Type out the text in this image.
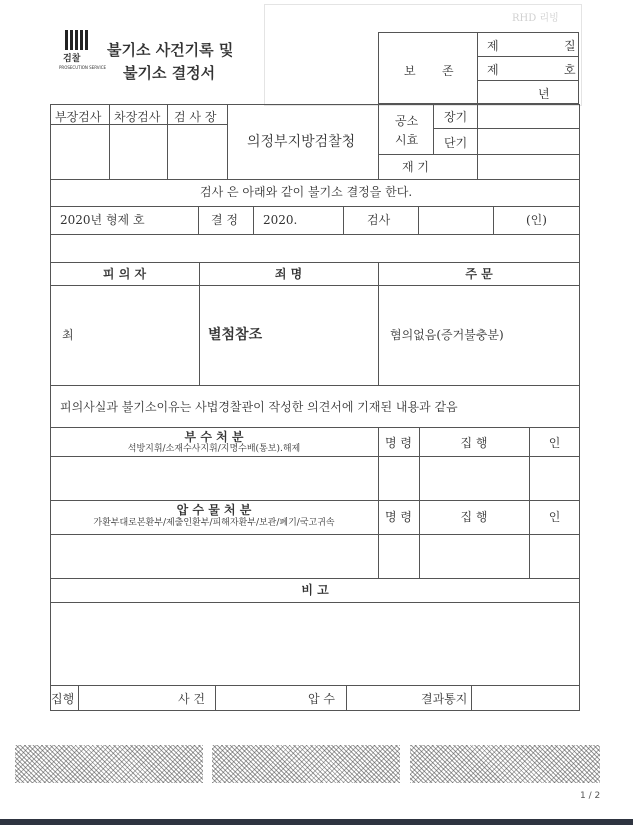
검찰
PROSECUTION SERVICE
불기소 사건기록 및
불기소 결정서
RHD 리빙
보 존
제	질
제	호
년
부장검사 차장검사 검 사 장
의정부지방검찰청
공소
시효
장기
단기
재 기
검사 은 아래와 같이 불기소 결정을 한다.
2020년 형제 호	결 정 2020.	검사	(인)
피 의 자	죄 명	주 문
최	별첨참조	혐의없음(증거불충분)
피의사실과 불기소이유는 사법경찰관이 작성한 의견서에 기재된 내용과 같음
부 수 처 분
석방지휘/소재수사지휘/지명수배(통보).해제	명 령	집 행	인
압 수 물 처 분
가환부대로본환부/제출인환부/피해자환부/보관/폐기/국고귀속	명 령	집 행	인
비 고
집행	사 건	압 수	결과통지
1 / 2
